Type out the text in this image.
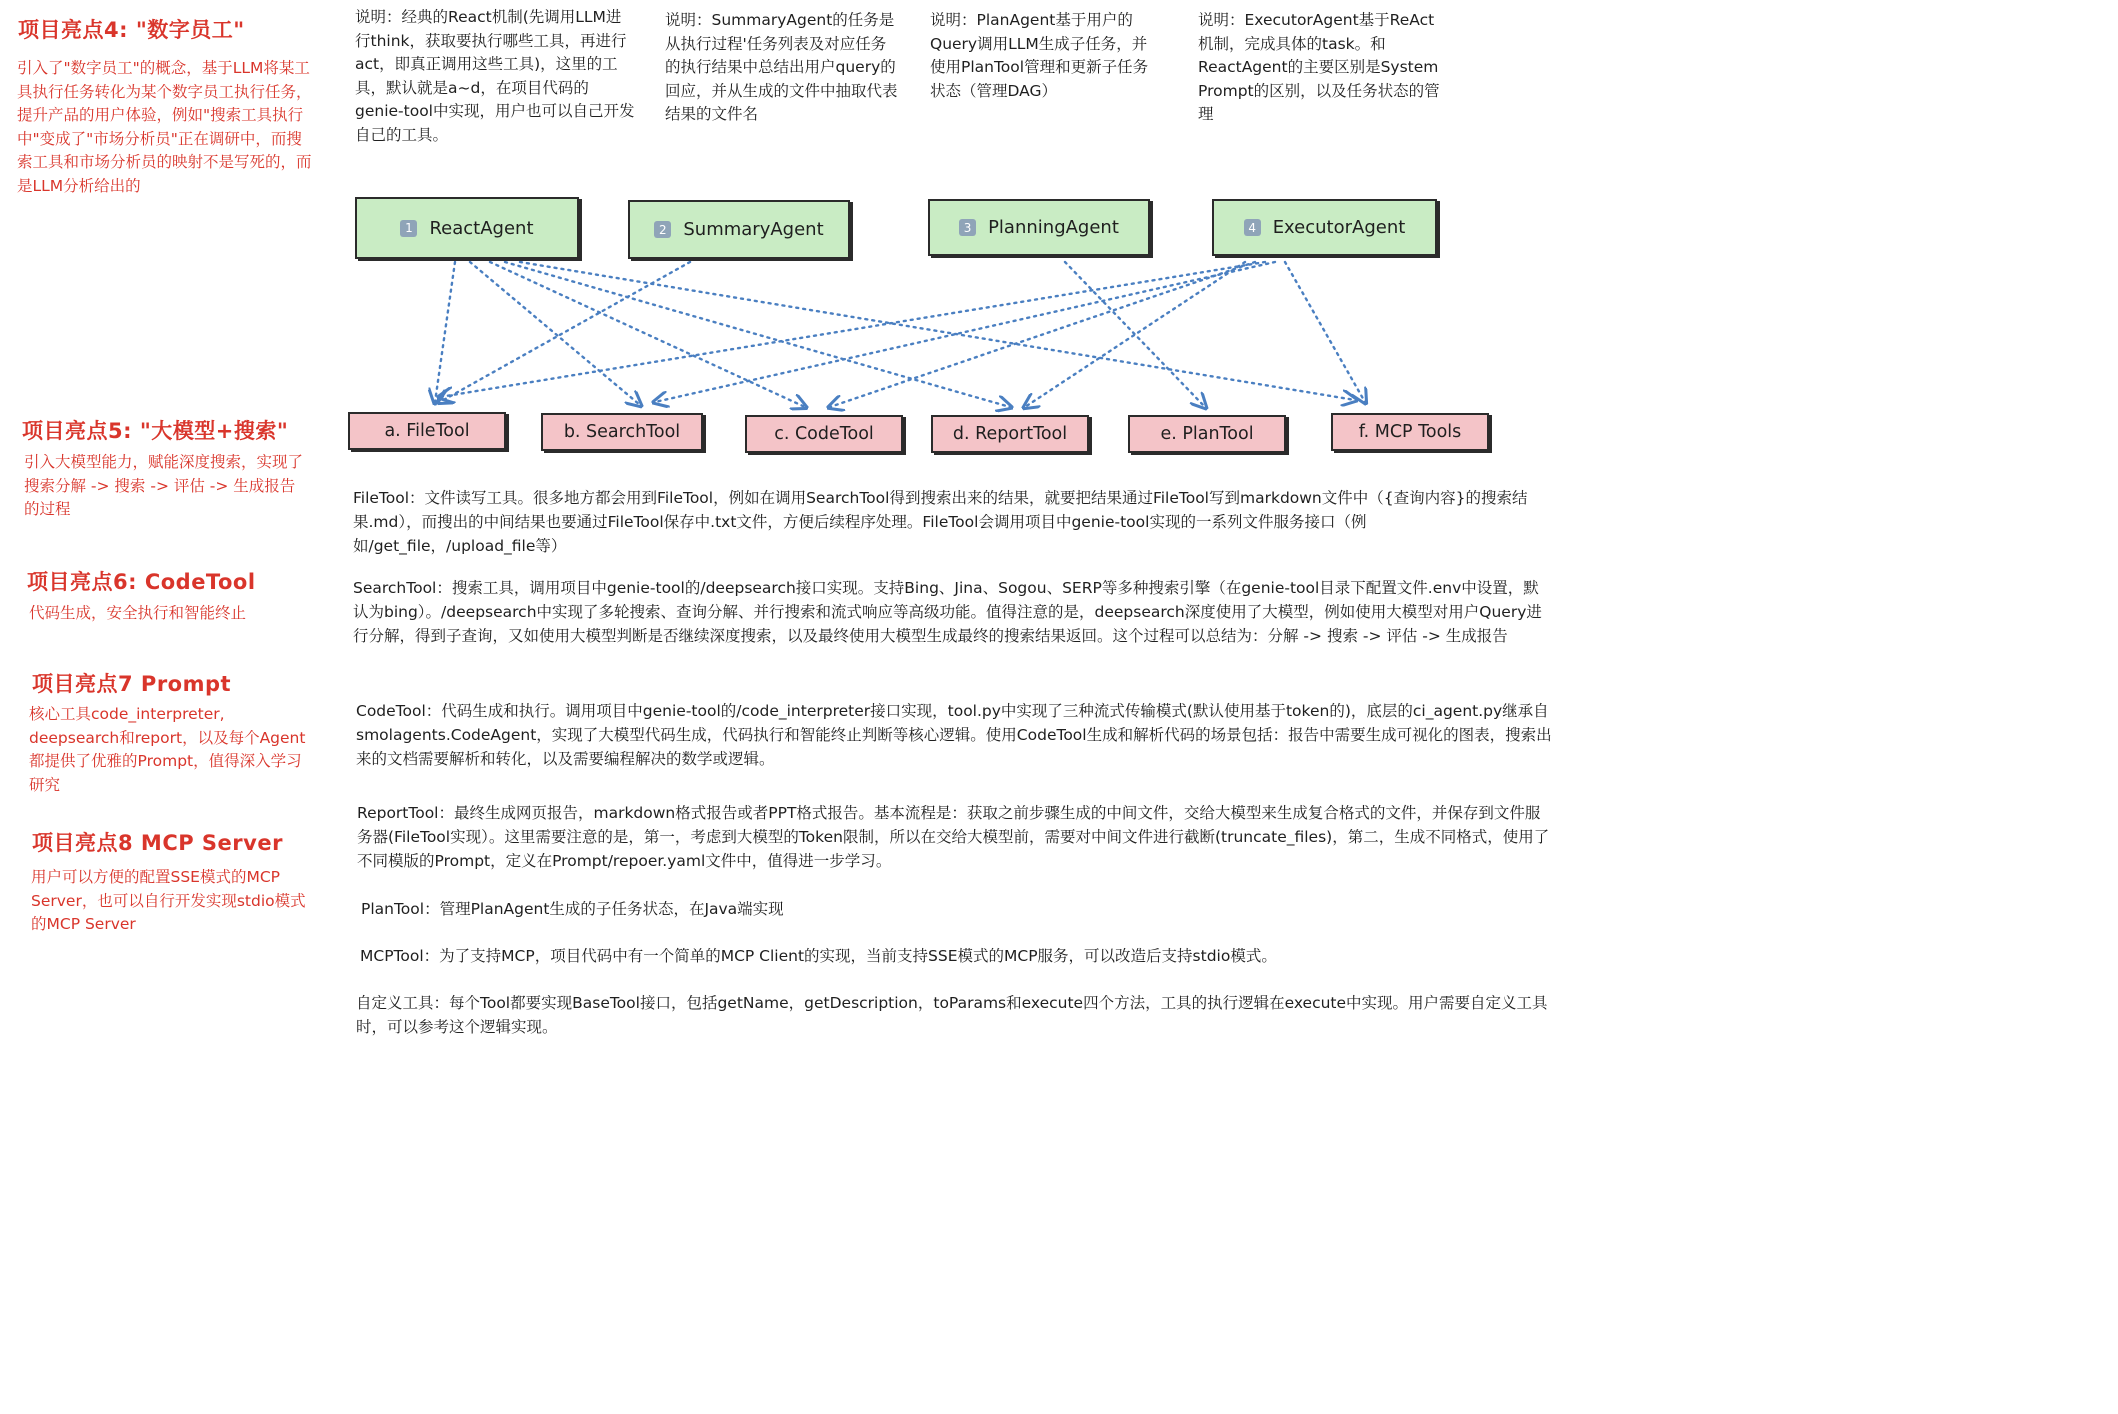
项目亮点4: "数字员工"
引入了"数字员工"的概念，基于LLM将某工具执行任务转化为某个数字员工执行任务，提升产品的用户体验，例如"搜索工具执行中"变成了"市场分析员"正在调研中，而搜索工具和市场分析员的映射不是写死的，而是LLM分析给出的
项目亮点5: "大模型+搜索"
引入大模型能力，赋能深度搜索，实现了搜索分解 -> 搜索 -> 评估 -> 生成报告的过程
项目亮点6: CodeTool
代码生成，安全执行和智能终止
项目亮点7 Prompt
核心工具code_interpreter, deepsearch和report，以及每个Agent都提供了优雅的Prompt，值得深入学习研究
项目亮点8 MCP Server
用户可以方便的配置SSE模式的MCP Server，也可以自行开发实现stdio模式的MCP Server
说明：经典的React机制(先调用LLM进行think，获取要执行哪些工具，再进行act，即真正调用这些工具)，这里的工具，默认就是a~d，在项目代码的genie-tool中实现，用户也可以自己开发自己的工具。
说明：SummaryAgent的任务是从执行过程'任务列表及对应任务的执行结果中总结出用户query的回应，并从生成的文件中抽取代表结果的文件名
说明：PlanAgent基于用户的Query调用LLM生成子任务，并使用PlanTool管理和更新子任务状态（管理DAG）
说明：ExecutorAgent基于ReAct机制，完成具体的task。和ReactAgent的主要区别是System Prompt的区别，以及任务状态的管理
1 ReactAgent	2 SummaryAgent	3 PlanningAgent	4 ExecutorAgent
a. FileTool	b. SearchTool	c. CodeTool	d. ReportTool	e. PlanTool	f. MCP Tools
FileTool：文件读写工具。很多地方都会用到FileTool，例如在调用SearchTool得到搜索出来的结果，就要把结果通过FileTool写到markdown文件中（{查询内容}的搜索结果.md），而搜出的中间结果也要通过FileTool保存中.txt文件，方便后续程序处理。FileTool会调用项目中genie-tool实现的一系列文件服务接口（例如/get_file，/upload_file等）
SearchTool：搜索工具，调用项目中genie-tool的/deepsearch接口实现。支持Bing、Jina、Sogou、SERP等多种搜索引擎（在genie-tool目录下配置文件.env中设置，默认为bing）。/deepsearch中实现了多轮搜索、查询分解、并行搜索和流式响应等高级功能。值得注意的是，deepsearch深度使用了大模型，例如使用大模型对用户Query进行分解，得到子查询，又如使用大模型判断是否继续深度搜索，以及最终使用大模型生成最终的搜索结果返回。这个过程可以总结为：分解 -> 搜索 -> 评估 -> 生成报告
CodeTool：代码生成和执行。调用项目中genie-tool的/code_interpreter接口实现，tool.py中实现了三种流式传输模式(默认使用基于token的)，底层的ci_agent.py继承自smolagents.CodeAgent，实现了大模型代码生成，代码执行和智能终止判断等核心逻辑。使用CodeTool生成和解析代码的场景包括：报告中需要生成可视化的图表，搜索出来的文档需要解析和转化，以及需要编程解决的数学或逻辑。
ReportTool：最终生成网页报告，markdown格式报告或者PPT格式报告。基本流程是：获取之前步骤生成的中间文件，交给大模型来生成复合格式的文件，并保存到文件服务器(FileTool实现）。这里需要注意的是，第一，考虑到大模型的Token限制，所以在交给大模型前，需要对中间文件进行截断(truncate_files)，第二，生成不同格式，使用了不同模版的Prompt，定义在Prompt/repoer.yaml文件中，值得进一步学习。
PlanTool：管理PlanAgent生成的子任务状态，在Java端实现
MCPTool：为了支持MCP，项目代码中有一个简单的MCP Client的实现，当前支持SSE模式的MCP服务，可以改造后支持stdio模式。
自定义工具：每个Tool都要实现BaseTool接口，包括getName，getDescription，toParams和execute四个方法，工具的执行逻辑在execute中实现。用户需要自定义工具时，可以参考这个逻辑实现。
